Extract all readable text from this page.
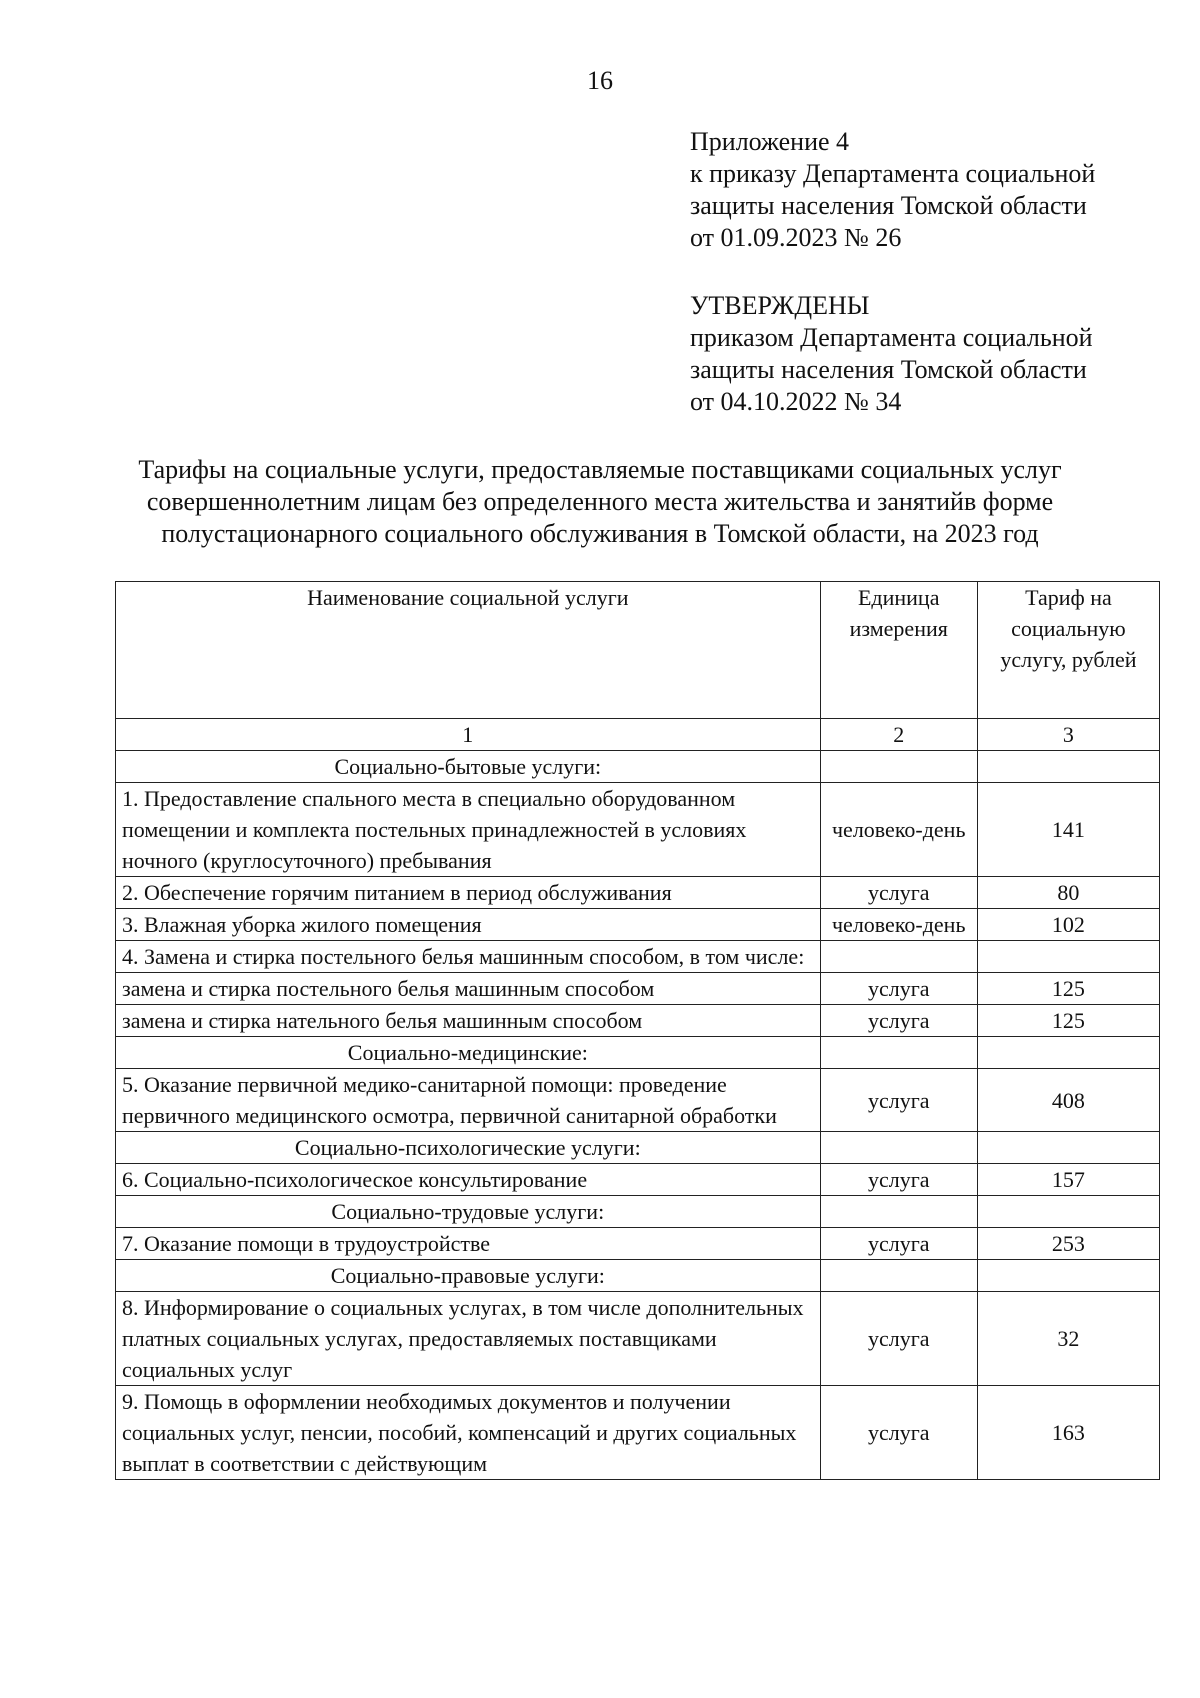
16
Приложение 4
к приказу Департамента социальной
защиты населения Томской области
от 01.09.2023 № 26
УТВЕРЖДЕНЫ
приказом Департамента социальной
защиты населения Томской области
от 04.10.2022 № 34
Тарифы на социальные услуги, предоставляемые поставщиками социальных услуг
совершеннолетним лицам без определенного места жительства и занятийв форме
полустационарного социального обслуживания в Томской области, на 2023 год
Наименование социальной услуги	Единица измерения	Тариф на социальную услугу, рублей
1	2	3
Социально-бытовые услуги:		
1. Предоставление спального места в специально оборудованном помещении и комплекта постельных принадлежностей в условиях ночного (круглосуточного) пребывания	человеко-день	141
2. Обеспечение горячим питанием в период обслуживания	услуга	80
3. Влажная уборка жилого помещения	человеко-день	102
4. Замена и стирка постельного белья машинным способом, в том числе:		
замена и стирка постельного белья машинным способом	услуга	125
замена и стирка нательного белья машинным способом	услуга	125
Социально-медицинские:		
5. Оказание первичной медико-санитарной помощи: проведение первичного медицинского осмотра, первичной санитарной обработки	услуга	408
Социально-психологические услуги:		
6. Социально-психологическое консультирование	услуга	157
Социально-трудовые услуги:		
7. Оказание помощи в трудоустройстве	услуга	253
Социально-правовые услуги:		
8. Информирование о социальных услугах, в том числе дополнительных платных социальных услугах, предоставляемых поставщиками социальных услуг	услуга	32
9. Помощь в оформлении необходимых документов и получении социальных услуг, пенсии, пособий, компенсаций и других социальных выплат в соответствии с действующим	услуга	163
